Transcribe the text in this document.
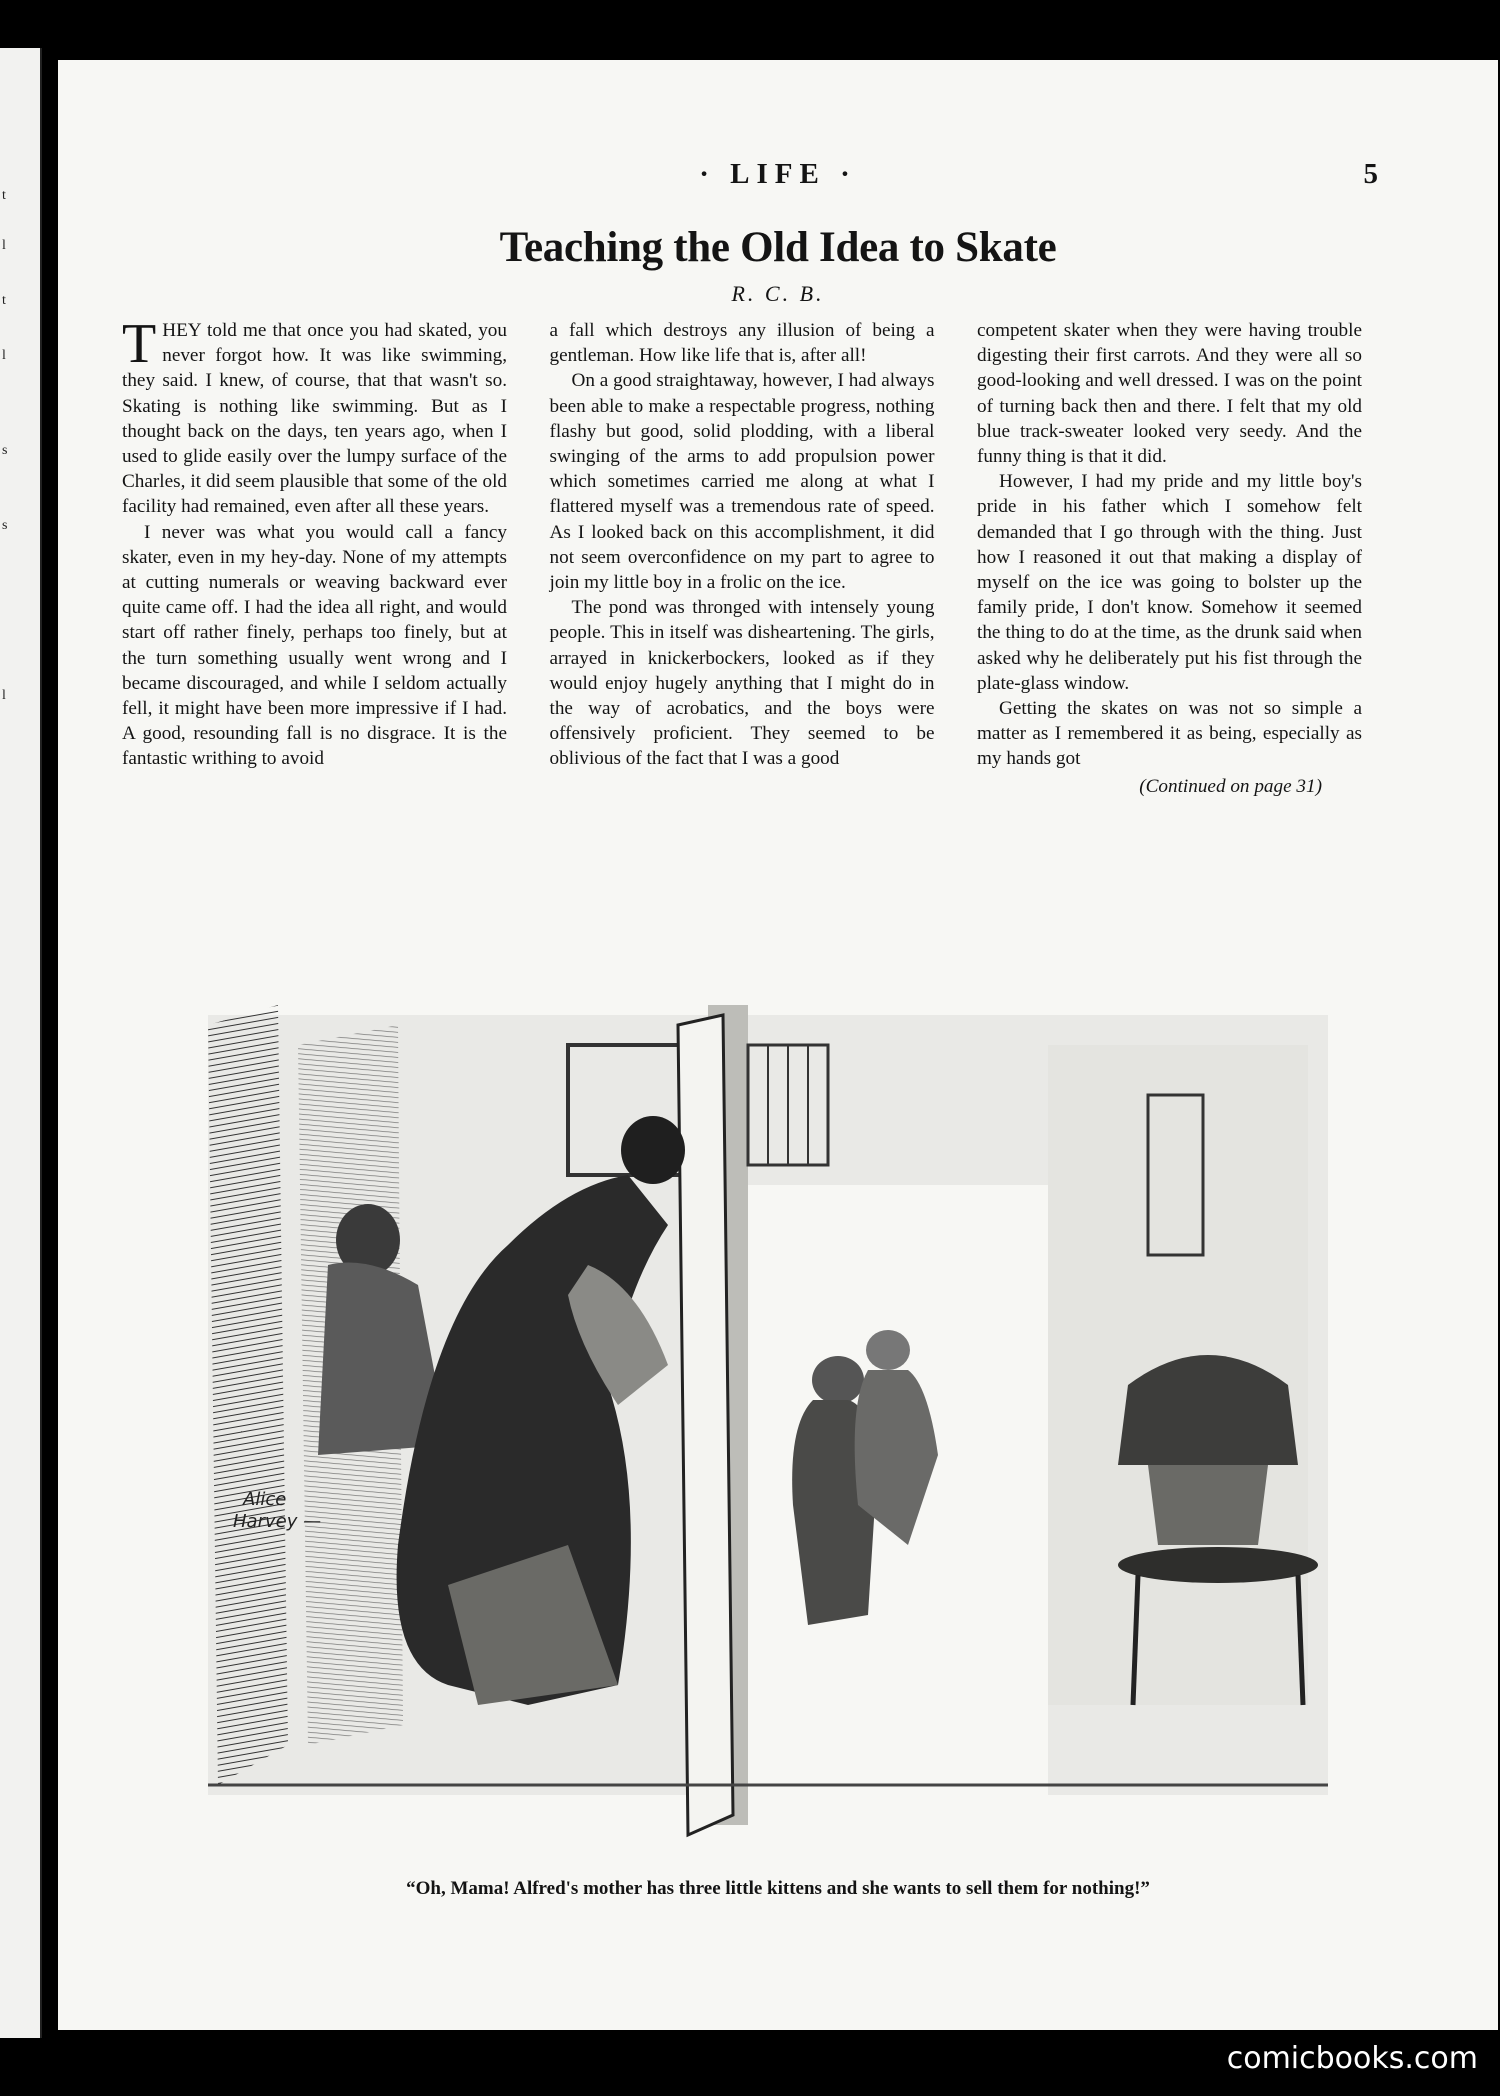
t
l
t
l
s
s
l
· LIFE ·	5
Teaching the Old Idea to Skate
R. C. B.

THEY told me that once you had skated, you never forgot how. It was like swimming, they said. I knew, of course, that that wasn't so. Skating is nothing like swimming. But as I thought back on the days, ten years ago, when I used to glide easily over the lumpy surface of the Charles, it did seem plausible that some of the old facility had remained, even after all these years.

I never was what you would call a fancy skater, even in my hey-day. None of my attempts at cutting numerals or weaving backward ever quite came off. I had the idea all right, and would start off rather finely, perhaps too finely, but at the turn something usually went wrong and I became discouraged, and while I seldom actually fell, it might have been more impressive if I had. A good, resounding fall is no disgrace. It is the fantastic writhing to avoid

a fall which destroys any illusion of being a gentleman. How like life that is, after all!

On a good straightaway, however, I had always been able to make a respectable progress, nothing flashy but good, solid plodding, with a liberal swinging of the arms to add propulsion power which sometimes carried me along at what I flattered myself was a tremendous rate of speed. As I looked back on this accomplishment, it did not seem overconfidence on my part to agree to join my little boy in a frolic on the ice.

The pond was thronged with intensely young people. This in itself was disheartening. The girls, arrayed in knickerbockers, looked as if they would enjoy hugely anything that I might do in the way of acrobatics, and the boys were offensively proficient. They seemed to be oblivious of the fact that I was a good

competent skater when they were having trouble digesting their first carrots. And they were all so good-looking and well dressed. I was on the point of turning back then and there. I felt that my old blue track-sweater looked very seedy. And the funny thing is that it did.

However, I had my pride and my little boy's pride in his father which I somehow felt demanded that I go through with the thing. Just how I reasoned it out that making a display of myself on the ice was going to bolster up the family pride, I don't know. Somehow it seemed the thing to do at the time, as the drunk said when asked why he deliberately put his fist through the plate-glass window.

Getting the skates on was not so simple a matter as I remembered it as being, especially as my hands got

(Continued on page 31)
Alice
Harvey —
“Oh, Mama! Alfred's mother has three little kittens and she wants to sell them for nothing!”
comicbooks.com
